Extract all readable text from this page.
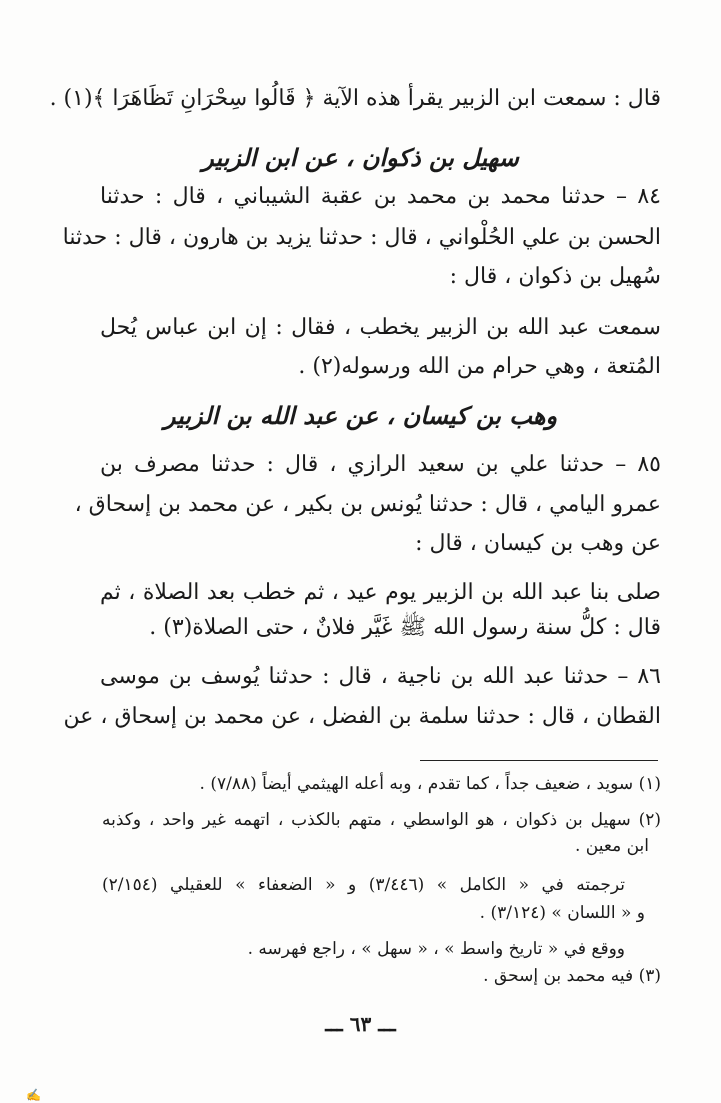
قال : سمعت ابن الزبير يقرأ هذه الآية ﴿ قَالُوا سِحْرَانِ تَظَاهَرَا ﴾(١) .
سهيل بن ذكوان ، عن ابن الزبير
٨٤ – حدثنا محمد بن محمد بن عقبة الشيباني ، قال : حدثنا
الحسن بن علي الحُلْواني ، قال : حدثنا يزيد بن هارون ، قال : حدثنا
سُهيل بن ذكوان ، قال :
سمعت عبد الله بن الزبير يخطب ، فقال : إن ابن عباس يُحل
المُتعة ، وهي حرام من الله ورسوله(٢) .
وهب بن كيسان ، عن عبد الله بن الزبير
٨٥ – حدثنا علي بن سعيد الرازي ، قال : حدثنا مصرف بن
عمرو اليامي ، قال : حدثنا يُونس بن بكير ، عن محمد بن إسحاق ،
عن وهب بن كيسان ، قال :
صلى بنا عبد الله بن الزبير يوم عيد ، ثم خطب بعد الصلاة ، ثم
قال : كلُّ سنة رسول الله ﷺ غَيَّر فلانٌ ، حتى الصلاة(٣) .
٨٦ – حدثنا عبد الله بن ناجية ، قال : حدثنا يُوسف بن موسى
القطان ، قال : حدثنا سلمة بن الفضل ، عن محمد بن إسحاق ، عن
(١) سويد ، ضعيف جداً ، كما تقدم ، وبه أعله الهيثمي أيضاً (٧/٨٨) .
(٢) سهيل بن ذكوان ، هو الواسطي ، متهم بالكذب ، اتهمه غير واحد ، وكذبه
ابن معين .
ترجمته في « الكامل » (٣/٤٤٦) و « الضعفاء » للعقيلي (٢/١٥٤)
و « اللسان » (٣/١٢٤) .
ووقع في « تاريخ واسط » ، « سهل » ، راجع فهرسه .
(٣) فيه محمد بن إسحق .
ـــ ٦٣ ـــ
✍
